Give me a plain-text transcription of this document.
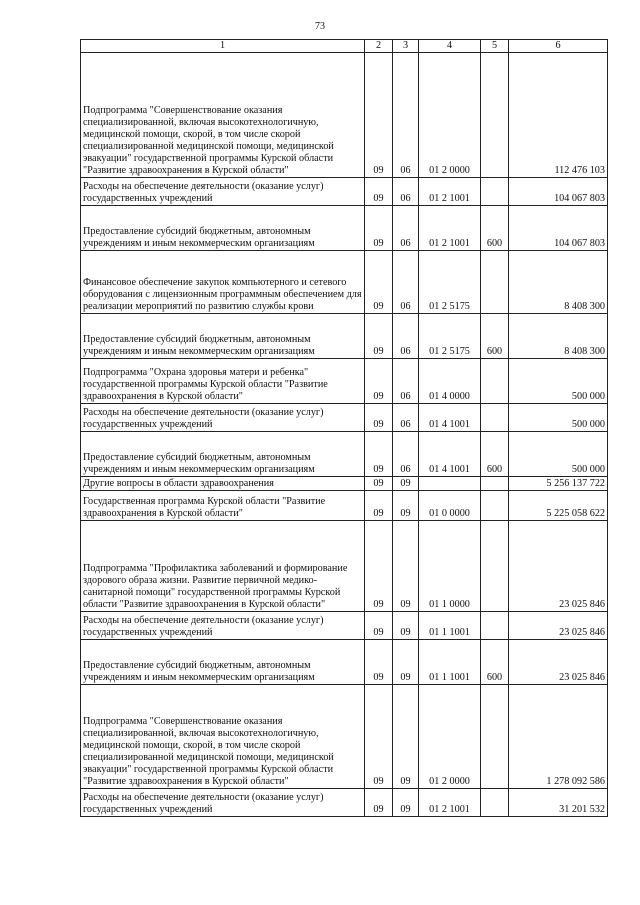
73
1	2	3	4	5	6
Подпрограмма "Совершенствование оказания специализированной, включая высокотехнологичную, медицинской помощи, скорой, в том числе скорой специализированной медицинской помощи, медицинской эвакуации" государственной программы Курской области "Развитие здравоохранения в Курской области"	09	06	01 2 0000		112 476 103
Расходы на обеспечение деятельности (оказание услуг) государственных учреждений	09	06	01 2 1001		104 067 803
Предоставление субсидий бюджетным, автономным учреждениям и иным некоммерческим организациям	09	06	01 2 1001	600	104 067 803
Финансовое обеспечение закупок компьютерного и сетевого оборудования с лицензионным программным обеспечением для реализации мероприятий по развитию службы крови	09	06	01 2 5175		8 408 300
Предоставление субсидий бюджетным, автономным учреждениям и иным некоммерческим организациям	09	06	01 2 5175	600	8 408 300
Подпрограмма "Охрана здоровья матери и ребенка" государственной программы Курской области "Развитие здравоохранения в Курской области"	09	06	01 4 0000		500 000
Расходы на обеспечение деятельности (оказание услуг) государственных учреждений	09	06	01 4 1001		500 000
Предоставление субсидий бюджетным, автономным учреждениям и иным некоммерческим организациям	09	06	01 4 1001	600	500 000
Другие вопросы в области здравоохранения	09	09			5 256 137 722
Государственная программа Курской области "Развитие здравоохранения в Курской области"	09	09	01 0 0000		5 225 058 622
Подпрограмма "Профилактика заболеваний и формирование здорового образа жизни. Развитие первичной медико-санитарной помощи" государственной программы Курской области "Развитие здравоохранения в Курской области"	09	09	01 1 0000		23 025 846
Расходы на обеспечение деятельности (оказание услуг) государственных учреждений	09	09	01 1 1001		23 025 846
Предоставление субсидий бюджетным, автономным учреждениям и иным некоммерческим организациям	09	09	01 1 1001	600	23 025 846
Подпрограмма "Совершенствование оказания специализированной, включая высокотехнологичную, медицинской помощи, скорой, в том числе скорой специализированной медицинской помощи, медицинской эвакуации" государственной программы Курской области "Развитие здравоохранения в Курской области"	09	09	01 2 0000		1 278 092 586
Расходы на обеспечение деятельности (оказание услуг) государственных учреждений	09	09	01 2 1001		31 201 532
